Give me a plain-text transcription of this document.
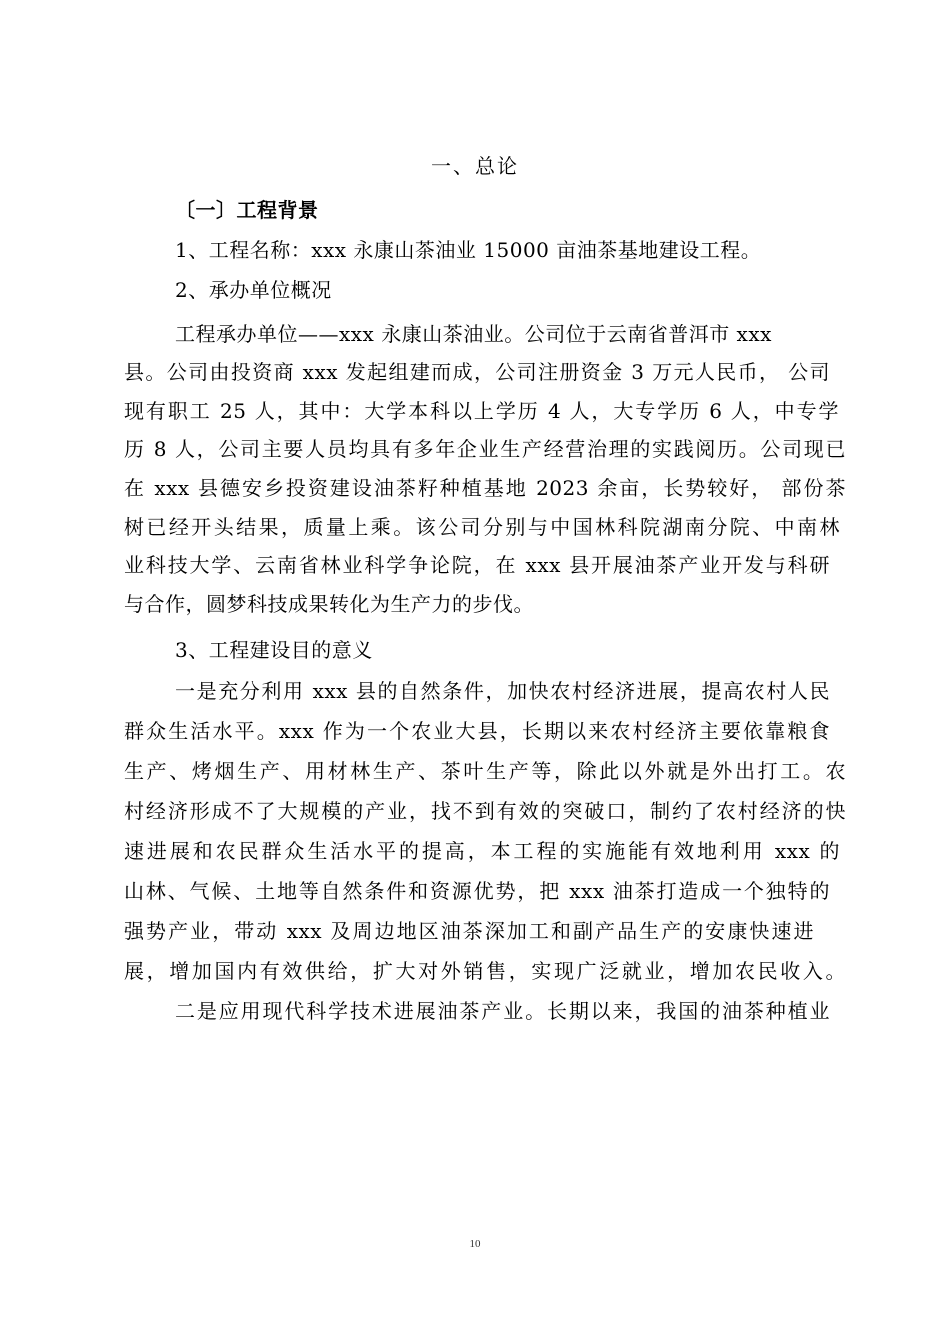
一、总论
〔一〕工程背景
1、工程名称：xxx 永康山茶油业 15000 亩油茶基地建设工程。
2、承办单位概况
工程承办单位——xxx 永康山茶油业。公司位于云南省普洱市 xxx
县。公司由投资商 xxx 发起组建而成，公司注册资金 3 万元人民币， 公司
现有职工 25 人，其中：大学本科以上学历 4 人，大专学历 6 人，中专学
历 8 人，公司主要人员均具有多年企业生产经营治理的实践阅历。公司现已
在 xxx 县德安乡投资建设油茶籽种植基地 2023 余亩，长势较好， 部份茶
树已经开头结果，质量上乘。该公司分别与中国林科院湖南分院、中南林
业科技大学、云南省林业科学争论院，在 xxx 县开展油茶产业开发与科研
与合作，圆梦科技成果转化为生产力的步伐。
3、工程建设目的意义
一是充分利用 xxx 县的自然条件，加快农村经济进展，提高农村人民
群众生活水平。xxx 作为一个农业大县，长期以来农村经济主要依靠粮食
生产、烤烟生产、用材林生产、茶叶生产等，除此以外就是外出打工。农
村经济形成不了大规模的产业，找不到有效的突破口，制约了农村经济的快
速进展和农民群众生活水平的提高，本工程的实施能有效地利用 xxx 的
山林、气候、土地等自然条件和资源优势，把 xxx 油茶打造成一个独特的
强势产业，带动 xxx 及周边地区油茶深加工和副产品生产的安康快速进
展，增加国内有效供给，扩大对外销售，实现广泛就业，增加农民收入。
二是应用现代科学技术进展油茶产业。长期以来，我国的油茶种植业
10
